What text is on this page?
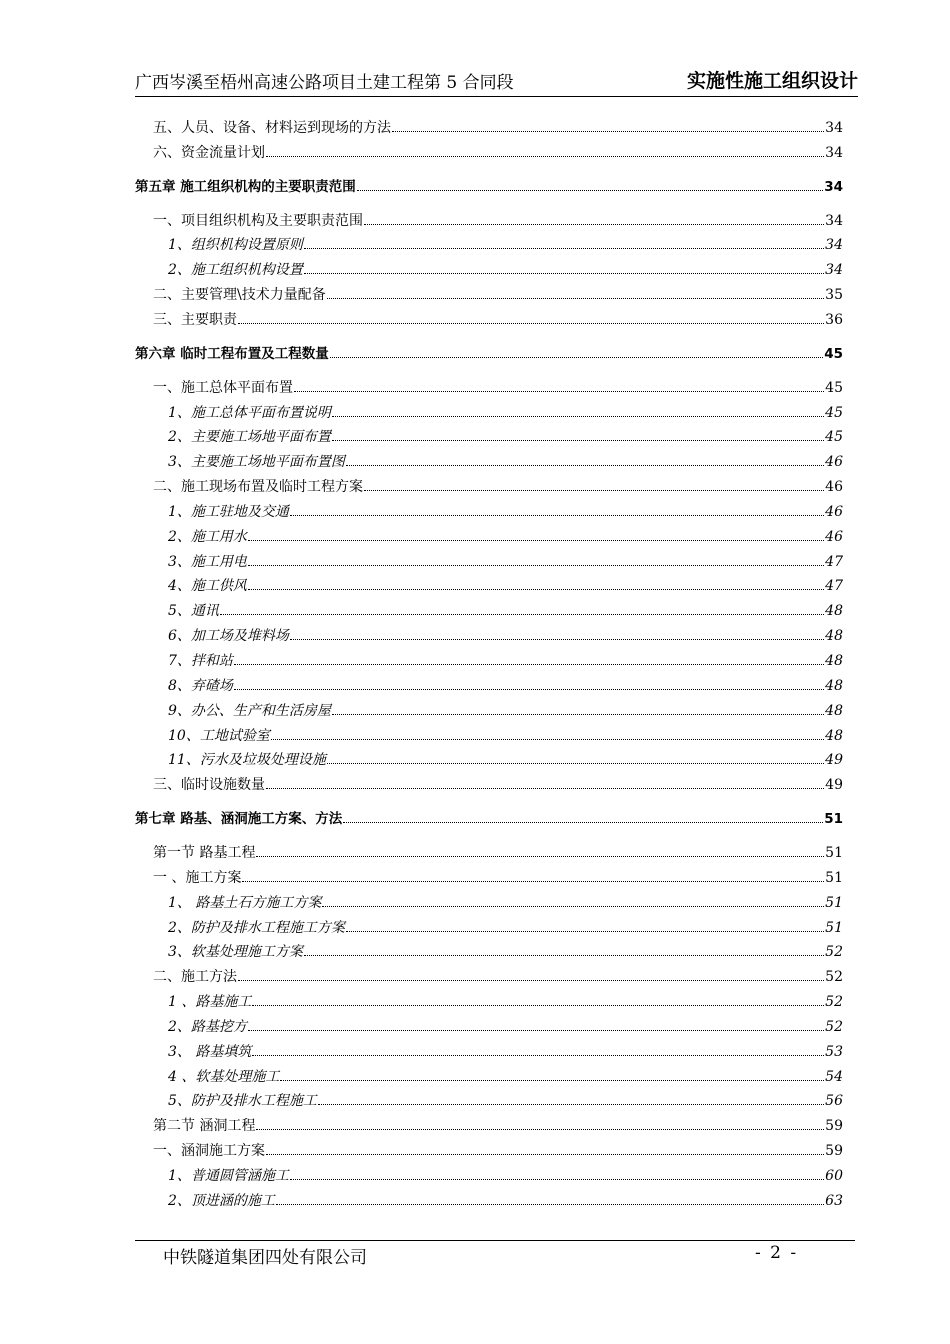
广西岑溪至梧州高速公路项目土建工程第 5 合同段	实施性施工组织设计
五、人员、设备、材料运到现场的方法	34
六、资金流量计划	34
第五章 施工组织机构的主要职责范围	34
一、项目组织机构及主要职责范围	34
1、组织机构设置原则	34
2、施工组织机构设置	34
二、主要管理\技术力量配备	35
三、主要职责	36
第六章 临时工程布置及工程数量	45
一、施工总体平面布置	45
1、施工总体平面布置说明	45
2、主要施工场地平面布置	45
3、主要施工场地平面布置图	46
二、施工现场布置及临时工程方案	46
1、施工驻地及交通	46
2、施工用水	46
3、施工用电	47
4、施工供风	47
5、通讯	48
6、加工场及堆料场	48
7、拌和站	48
8、弃碴场	48
9、办公、生产和生活房屋	48
10、工地试验室	48
11、污水及垃圾处理设施	49
三、临时设施数量	49
第七章 路基、涵洞施工方案、方法	51
第一节 路基工程	51
一 、施工方案	51
1、 路基土石方施工方案	51
2、防护及排水工程施工方案	51
3、软基处理施工方案	52
二、施工方法	52
1 、路基施工	52
2、路基挖方	52
3、 路基填筑	53
4 、软基处理施工	54
5、防护及排水工程施工	56
第二节 涵洞工程	59
一、涵洞施工方案	59
1、普通圆管涵施工	60
2、顶进涵的施工	63
中铁隧道集团四处有限公司	- 2 -
